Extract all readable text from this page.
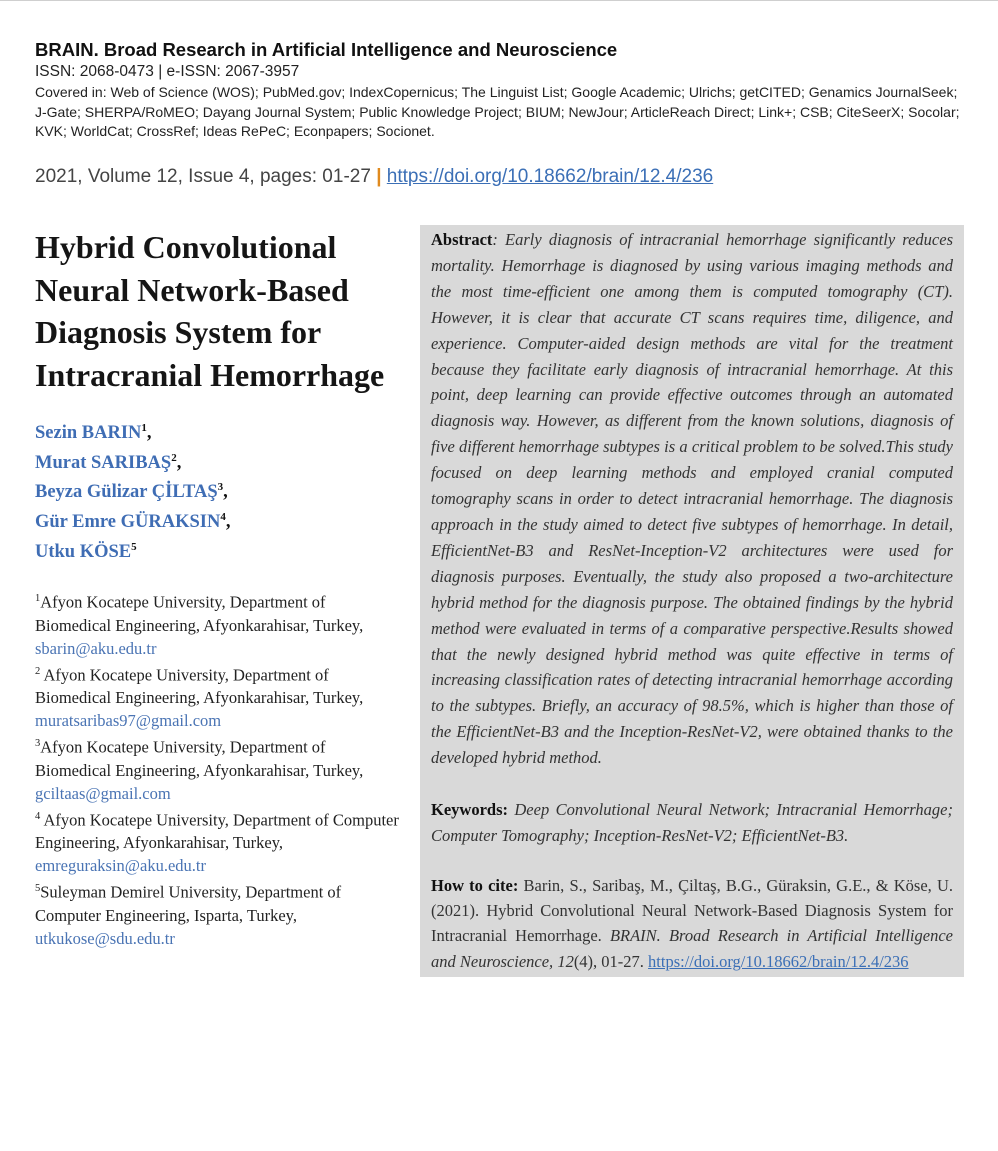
BRAIN. Broad Research in Artificial Intelligence and Neuroscience
ISSN: 2068-0473 | e-ISSN: 2067-3957
Covered in: Web of Science (WOS); PubMed.gov; IndexCopernicus; The Linguist List; Google Academic; Ulrichs; getCITED; Genamics JournalSeek; J-Gate; SHERPA/RoMEO; Dayang Journal System; Public Knowledge Project; BIUM; NewJour; ArticleReach Direct; Link+; CSB; CiteSeerX; Socolar; KVK; WorldCat; CrossRef; Ideas RePeC; Econpapers; Socionet.
2021, Volume 12, Issue 4, pages: 01-27 | https://doi.org/10.18662/brain/12.4/236
Hybrid Convolutional Neural Network-Based Diagnosis System for Intracranial Hemorrhage
Sezin BARIN$^1$,
Murat SARIBAŞ$^2$,
Beyza Gülizar ÇİLTAŞ$^3$,
Gür Emre GÜRAKSIN$^4$,
Utku KÖSE$^5$
$^1$Afyon Kocatepe University, Department of Biomedical Engineering, Afyonkarahisar, Turkey, sbarin@aku.edu.tr
$^2$ Afyon Kocatepe University, Department of Biomedical Engineering, Afyonkarahisar, Turkey, muratsaribas97@gmail.com
$^3$Afyon Kocatepe University, Department of Biomedical Engineering, Afyonkarahisar, Turkey, gciltaas@gmail.com
$^4$ Afyon Kocatepe University, Department of Computer Engineering, Afyonkarahisar, Turkey, emreguraksin@aku.edu.tr
$^5$Suleyman Demirel University, Department of Computer Engineering, Isparta, Turkey, utkukose@sdu.edu.tr
Abstract: Early diagnosis of intracranial hemorrhage significantly reduces mortality. Hemorrhage is diagnosed by using various imaging methods and the most time-efficient one among them is computed tomography (CT). However, it is clear that accurate CT scans requires time, diligence, and experience. Computer-aided design methods are vital for the treatment because they facilitate early diagnosis of intracranial hemorrhage. At this point, deep learning can provide effective outcomes through an automated diagnosis way. However, as different from the known solutions, diagnosis of five different hemorrhage subtypes is a critical problem to be solved.This study focused on deep learning methods and employed cranial computed tomography scans in order to detect intracranial hemorrhage. The diagnosis approach in the study aimed to detect five subtypes of hemorrhage. In detail, EfficientNet-B3 and ResNet-Inception-V2 architectures were used for diagnosis purposes. Eventually, the study also proposed a two-architecture hybrid method for the diagnosis purpose. The obtained findings by the hybrid method were evaluated in terms of a comparative perspective.Results showed that the newly designed hybrid method was quite effective in terms of increasing classification rates of detecting intracranial hemorrhage according to the subtypes. Briefly, an accuracy of 98.5%, which is higher than those of the EfficientNet-B3 and the Inception-ResNet-V2, were obtained thanks to the developed hybrid method.
Keywords: Deep Convolutional Neural Network; Intracranial Hemorrhage; Computer Tomography; Inception-ResNet-V2; EfficientNet-B3.
How to cite: Barin, S., Saribaş, M., Çiltaş, B.G., Güraksin, G.E., & Köse, U. (2021). Hybrid Convolutional Neural Network-Based Diagnosis System for Intracranial Hemorrhage. BRAIN. Broad Research in Artificial Intelligence and Neuroscience, 12(4), 01-27. https://doi.org/10.18662/brain/12.4/236
